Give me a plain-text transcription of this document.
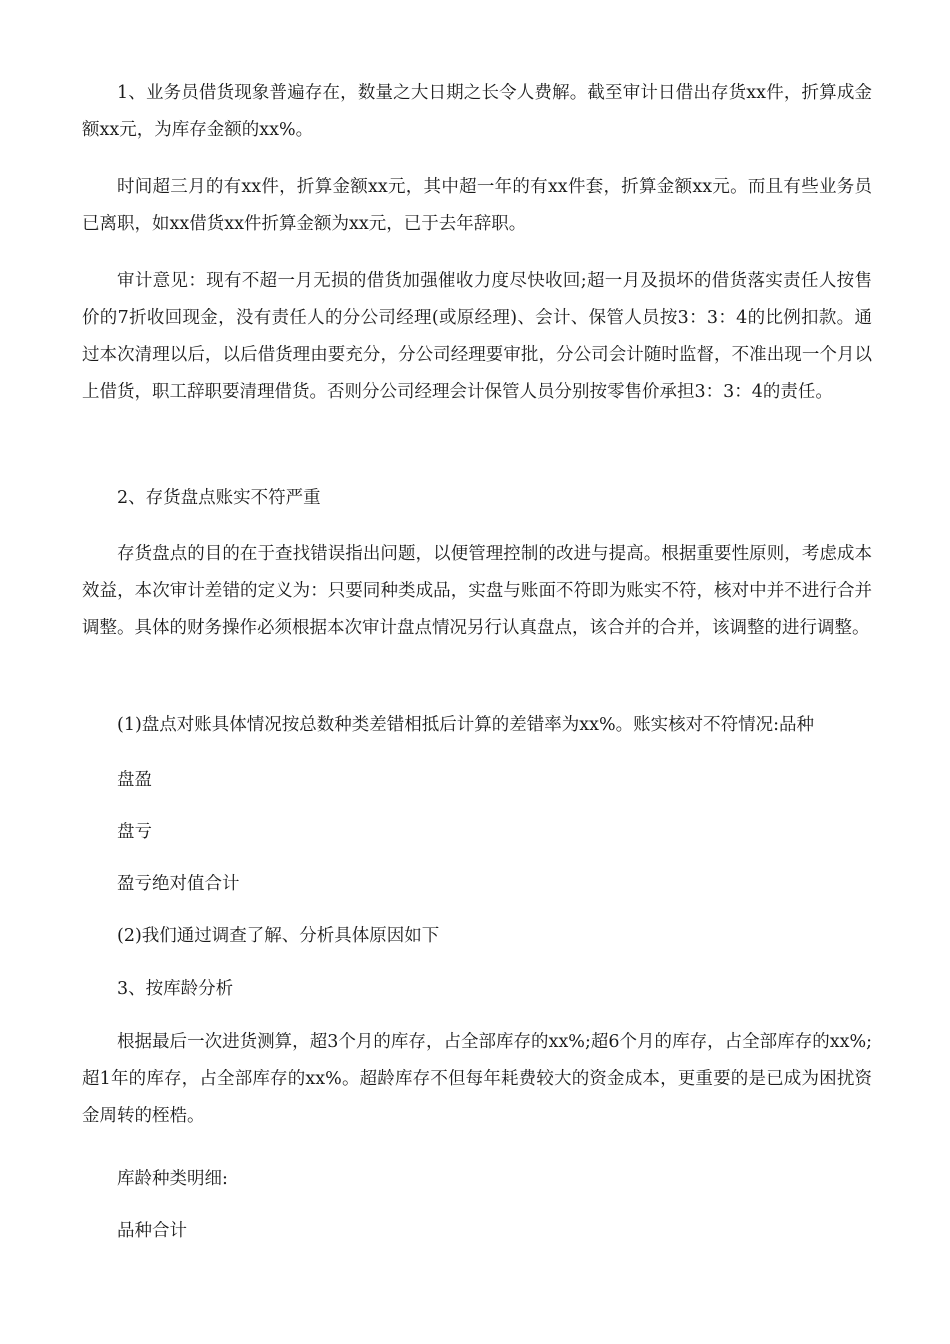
1、业务员借货现象普遍存在，数量之大日期之长令人费解。截至审计日借出存货xx件，折算成金额xx元，为库存金额的xx%。

时间超三月的有xx件，折算金额xx元，其中超一年的有xx件套，折算金额xx元。而且有些业务员已离职，如xx借货xx件折算金额为xx元，已于去年辞职。

审计意见：现有不超一月无损的借货加强催收力度尽快收回;超一月及损坏的借货落实责任人按售价的7折收回现金，没有责任人的分公司经理(或原经理)、会计、保管人员按3：3：4的比例扣款。通过本次清理以后，以后借货理由要充分，分公司经理要审批，分公司会计随时监督，不准出现一个月以上借货，职工辞职要清理借货。否则分公司经理会计保管人员分别按零售价承担3：3：4的责任。

2、存货盘点账实不符严重

存货盘点的目的在于查找错误指出问题，以便管理控制的改进与提高。根据重要性原则，考虑成本效益，本次审计差错的定义为：只要同种类成品，实盘与账面不符即为账实不符，核对中并不进行合并调整。具体的财务操作必须根据本次审计盘点情况另行认真盘点，该合并的合并，该调整的进行调整。

(1)盘点对账具体情况按总数种类差错相抵后计算的差错率为xx%。账实核对不符情况:品种

盘盈

盘亏

盈亏绝对值合计

(2)我们通过调查了解、分析具体原因如下

3、按库龄分析

根据最后一次进货测算，超3个月的库存，占全部库存的xx%;超6个月的库存，占全部库存的xx%;超1年的库存，占全部库存的xx%。超龄库存不但每年耗费较大的资金成本，更重要的是已成为困扰资金周转的桎梏。

库龄种类明细:

品种合计
